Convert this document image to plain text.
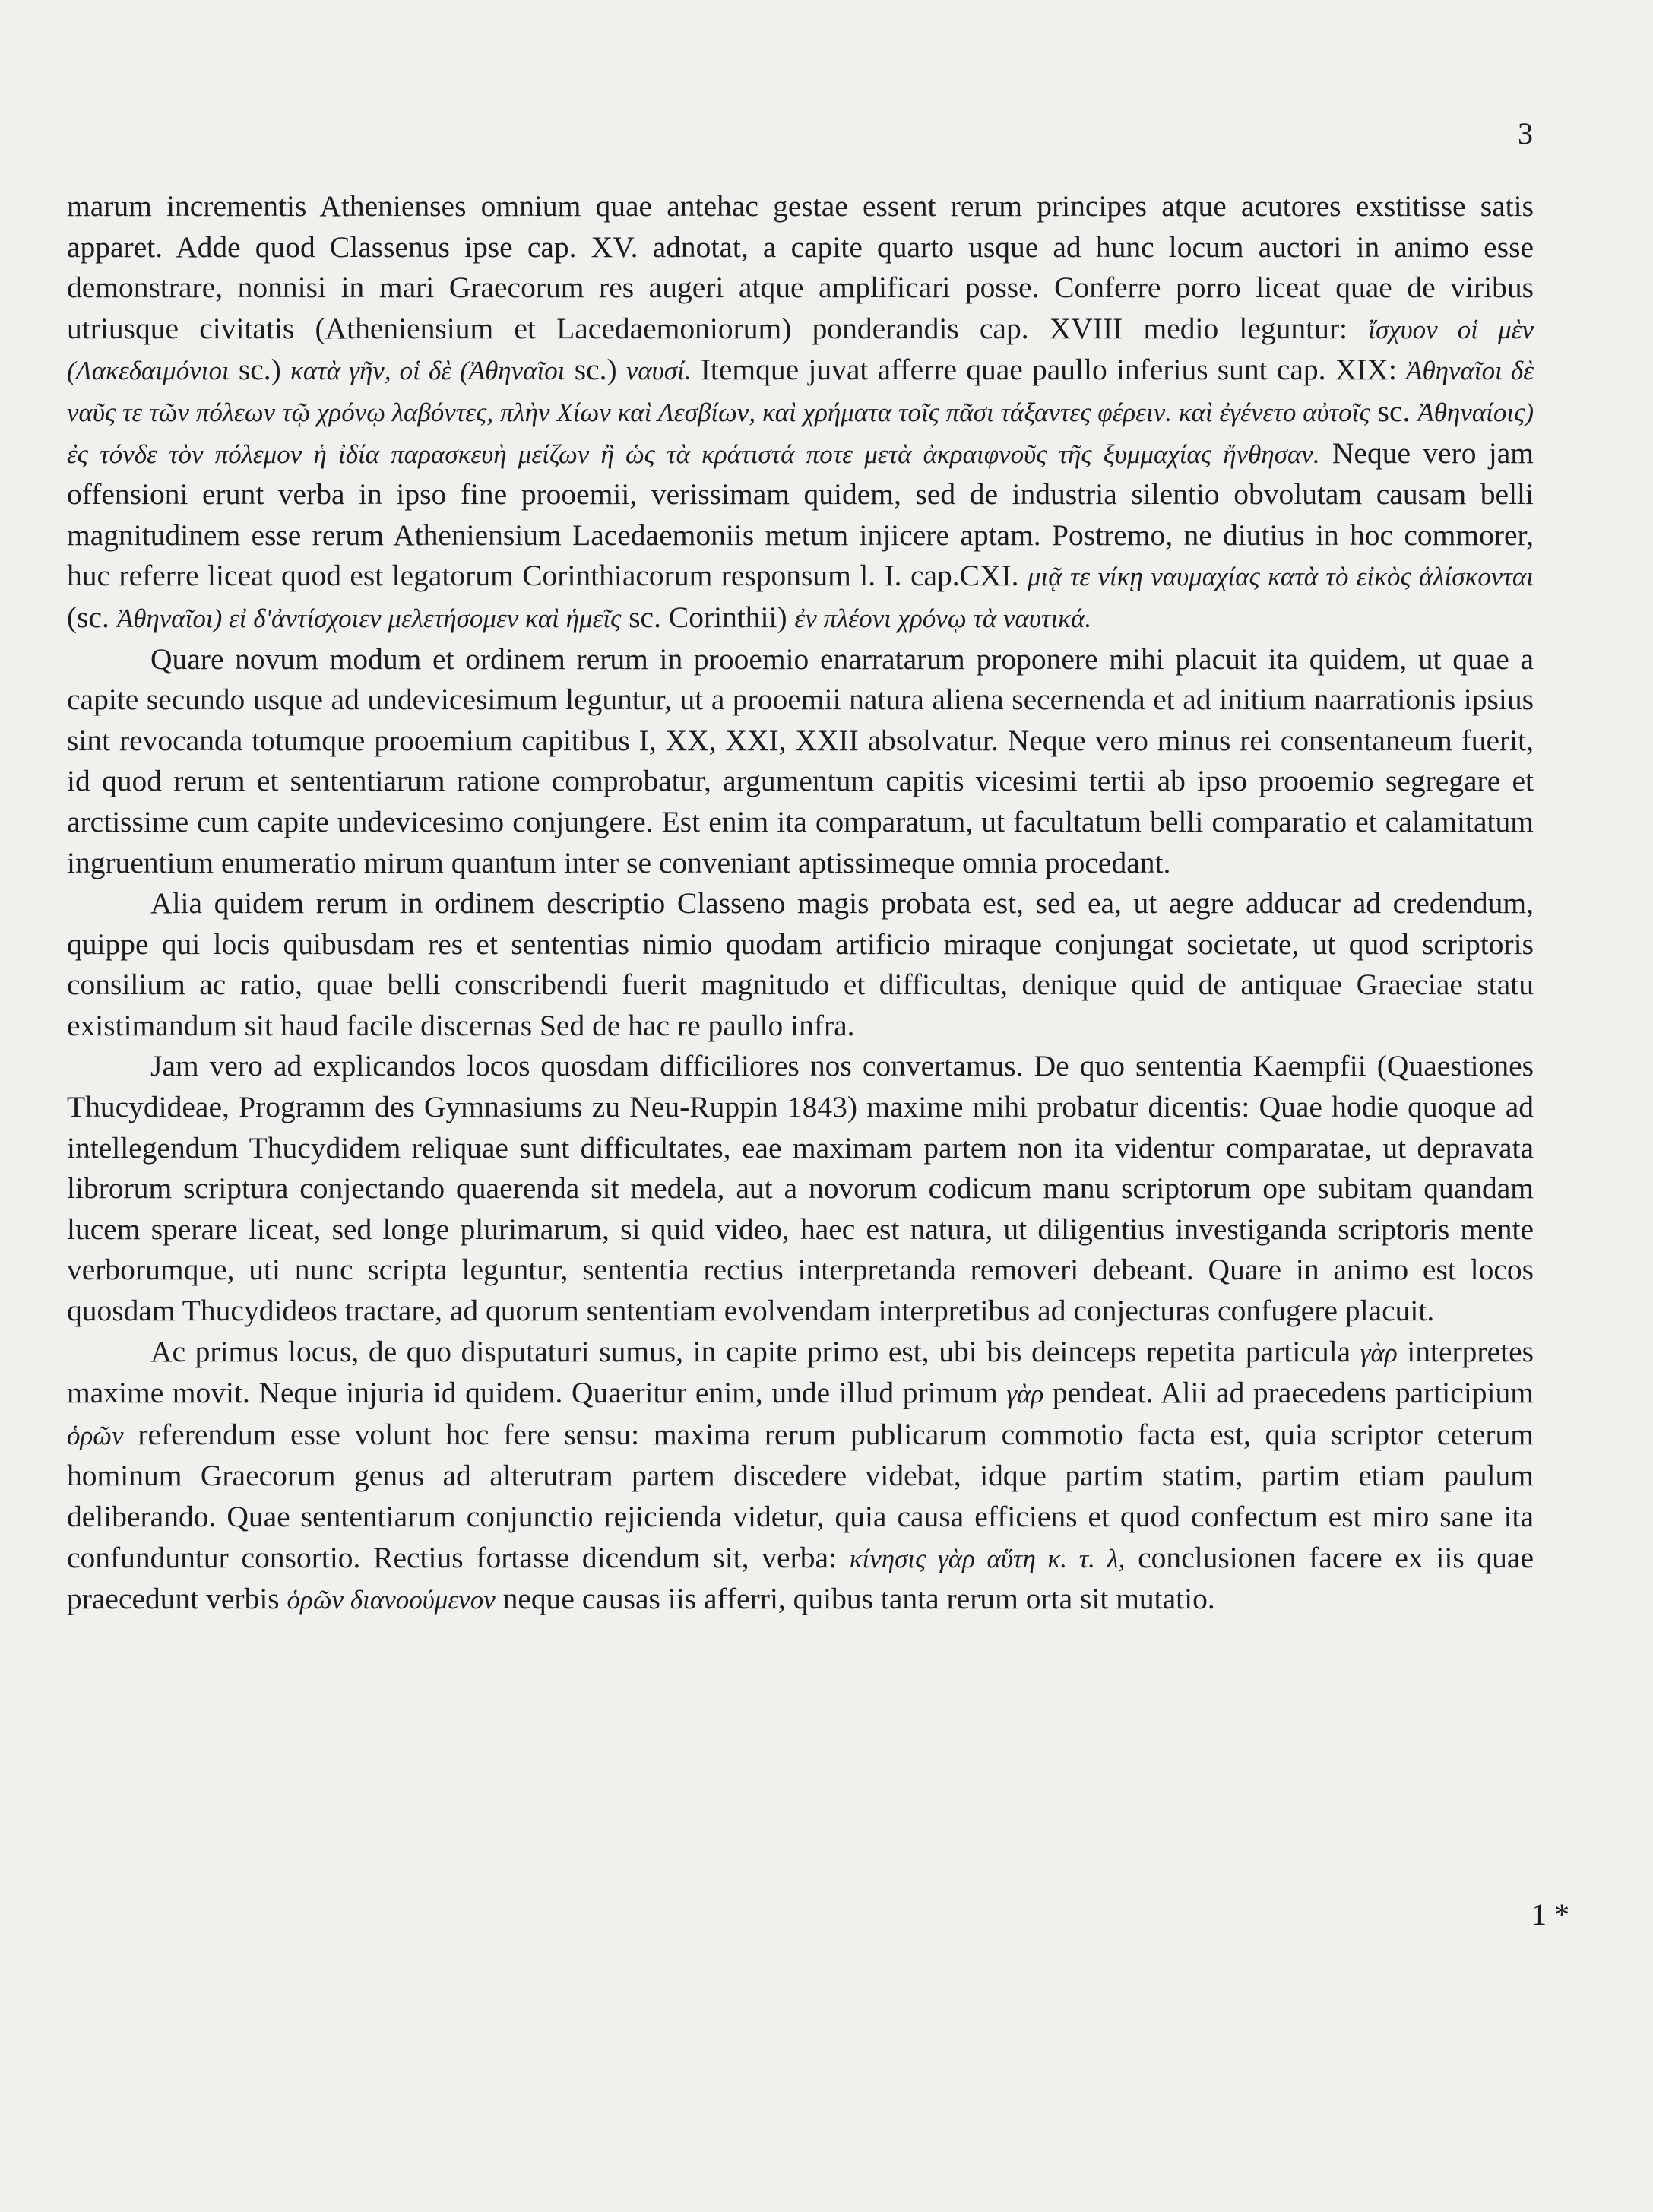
3

marum incrementis Athenienses omnium quae antehac gestae essent rerum principes atque acutores exstitisse satis apparet. Adde quod Classenus ipse cap. XV. adnotat, a capite quarto usque ad hunc locum auctori in animo esse demonstrare, nonnisi in mari Graecorum res augeri atque amplificari posse. Conferre porro liceat quae de viribus utriusque civitatis (Atheniensium et Lacedaemoniorum) ponderandis cap. XVIII medio leguntur: ἴσχυον οἱ μὲν (Λακεδαιμόνιοι sc.) κατὰ γῆν, οἱ δὲ (Ἀθηναῖοι sc.) ναυσί. Itemque juvat afferre quae paullo inferius sunt cap. XIX: Ἀθηναῖοι δὲ ναῦς τε τῶν πόλεων τῷ χρόνῳ λαβόντες, πλὴν Χίων καὶ Λεσβίων, καὶ χρήματα τοῖς πᾶσι τάξαντες φέρειν. καὶ ἐγένετο αὐτοῖς sc. Ἀθηναίοις) ἐς τόνδε τὸν πόλεμον ἡ ἰδία παρασκευὴ μείζων ἢ ὡς τὰ κράτιστά ποτε μετὰ ἀκραιφνοῦς τῆς ξυμμαχίας ἤνθησαν. Neque vero jam offensioni erunt verba in ipso fine prooemii, verissimam quidem, sed de industria silentio obvolutam causam belli magnitudinem esse rerum Atheniensium Lacedaemoniis metum injicere aptam. Postremo, ne diutius in hoc commorer, huc referre liceat quod est legatorum Corinthiacorum responsum l. I. cap.CXI. μιᾷ τε νίκῃ ναυμαχίας κατὰ τὸ εἰκὸς ἁλίσκονται (sc. Ἀθηναῖοι) εἰ δ'ἀντίσχοιεν μελετήσομεν καὶ ἡμεῖς sc. Corinthii) ἐν πλέονι χρόνῳ τὰ ναυτικά.

Quare novum modum et ordinem rerum in prooemio enarratarum proponere mihi placuit ita quidem, ut quae a capite secundo usque ad undevicesimum leguntur, ut a prooemii natura aliena secernenda et ad initium naarrationis ipsius sint revocanda totumque prooemium capitibus I, XX, XXI, XXII absolvatur. Neque vero minus rei consentaneum fuerit, id quod rerum et sententiarum ratione comprobatur, argumentum capitis vicesimi tertii ab ipso prooemio segregare et arctissime cum capite undevicesimo conjungere. Est enim ita comparatum, ut facultatum belli comparatio et calamitatum ingruentium enumeratio mirum quantum inter se conveniant aptissimeque omnia procedant.

Alia quidem rerum in ordinem descriptio Classeno magis probata est, sed ea, ut aegre adducar ad credendum, quippe qui locis quibusdam res et sententias nimio quodam artificio miraque conjungat societate, ut quod scriptoris consilium ac ratio, quae belli conscribendi fuerit magnitudo et difficultas, denique quid de antiquae Graeciae statu existimandum sit haud facile discernas Sed de hac re paullo infra.

Jam vero ad explicandos locos quosdam difficiliores nos convertamus. De quo sententia Kaempfii (Quaestiones Thucydideae, Programm des Gymnasiums zu Neu-Ruppin 1843) maxime mihi probatur dicentis: Quae hodie quoque ad intellegendum Thucydidem reliquae sunt difficultates, eae maximam partem non ita videntur comparatae, ut depravata librorum scriptura conjectando quaerenda sit medela, aut a novorum codicum manu scriptorum ope subitam quandam lucem sperare liceat, sed longe plurimarum, si quid video, haec est natura, ut diligentius investiganda scriptoris mente verborumque, uti nunc scripta leguntur, sententia rectius interpretanda removeri debeant. Quare in animo est locos quosdam Thucydideos tractare, ad quorum sententiam evolvendam interpretibus ad conjecturas confugere placuit.

Ac primus locus, de quo disputaturi sumus, in capite primo est, ubi bis deinceps repetita particula γὰρ interpretes maxime movit. Neque injuria id quidem. Quaeritur enim, unde illud primum γὰρ pendeat. Alii ad praecedens participium ὁρῶν referendum esse volunt hoc fere sensu: maxima rerum publicarum commotio facta est, quia scriptor ceterum hominum Graecorum genus ad alterutram partem discedere videbat, idque partim statim, partim etiam paulum deliberando. Quae sententiarum conjunctio rejicienda videtur, quia causa efficiens et quod confectum est miro sane ita confunduntur consortio. Rectius fortasse dicendum sit, verba: κίνησις γὰρ αὕτη κ. τ. λ, conclusionen facere ex iis quae praecedunt verbis ὁρῶν διανοούμενον neque causas iis afferri, quibus tanta rerum orta sit mutatio.

1 *
